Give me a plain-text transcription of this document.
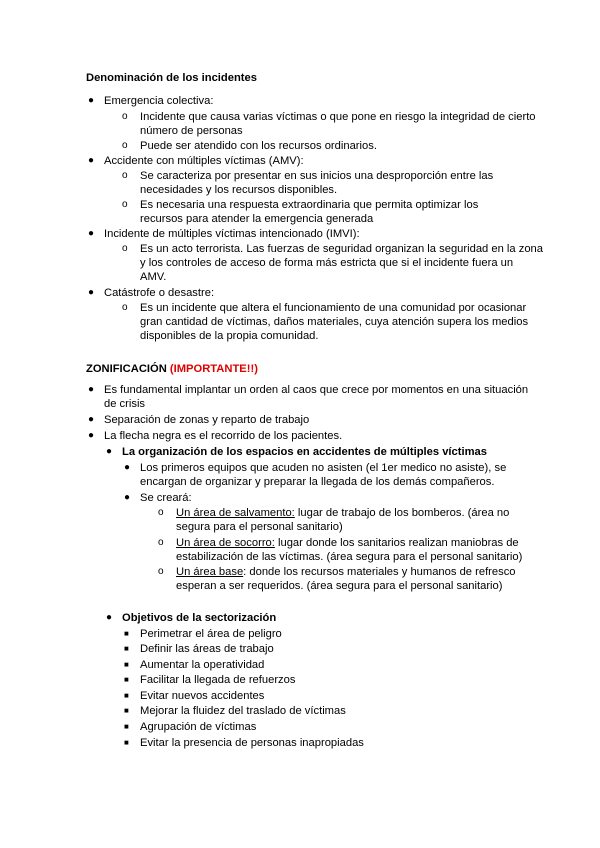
Denominación de los incidentes
● Emergencia colectiva:
o Incidente que causa varias víctimas o que pone en riesgo la integridad de cierto
número de personas
o Puede ser atendido con los recursos ordinarios.
● Accidente con múltiples víctimas (AMV):
o Se caracteriza por presentar en sus inicios una desproporción entre las
necesidades y los recursos disponibles.
o Es necesaria una respuesta extraordinaria que permita optimizar los
recursos para atender la emergencia generada
● Incidente de múltiples víctimas intencionado (IMVI):
o Es un acto terrorista. Las fuerzas de seguridad organizan la seguridad en la zona
y los controles de acceso de forma más estricta que si el incidente fuera un
AMV.
● Catástrofe o desastre:
o Es un incidente que altera el funcionamiento de una comunidad por ocasionar
gran cantidad de víctimas, daños materiales, cuya atención supera los medios
disponibles de la propia comunidad.
ZONIFICACIÓN (IMPORTANTE!!)
● Es fundamental implantar un orden al caos que crece por momentos en una situación
de crisis
● Separación de zonas y reparto de trabajo
● La flecha negra es el recorrido de los pacientes.
● La organización de los espacios en accidentes de múltiples víctimas
● Los primeros equipos que acuden no asisten (el 1er medico no asiste), se
encargan de organizar y preparar la llegada de los demás compañeros.
● Se creará:
o Un área de salvamento: lugar de trabajo de los bomberos. (área no
segura para el personal sanitario)
o Un área de socorro: lugar donde los sanitarios realizan maniobras de
estabilización de las víctimas. (área segura para el personal sanitario)
o Un área base: donde los recursos materiales y humanos de refresco
esperan a ser requeridos. (área segura para el personal sanitario)
● Objetivos de la sectorización
■ Perimetrar el área de peligro
■ Definir las áreas de trabajo
■ Aumentar la operatividad
■ Facilitar la llegada de refuerzos
■ Evitar nuevos accidentes
■ Mejorar la fluidez del traslado de víctimas
■ Agrupación de víctimas
■ Evitar la presencia de personas inapropiadas
